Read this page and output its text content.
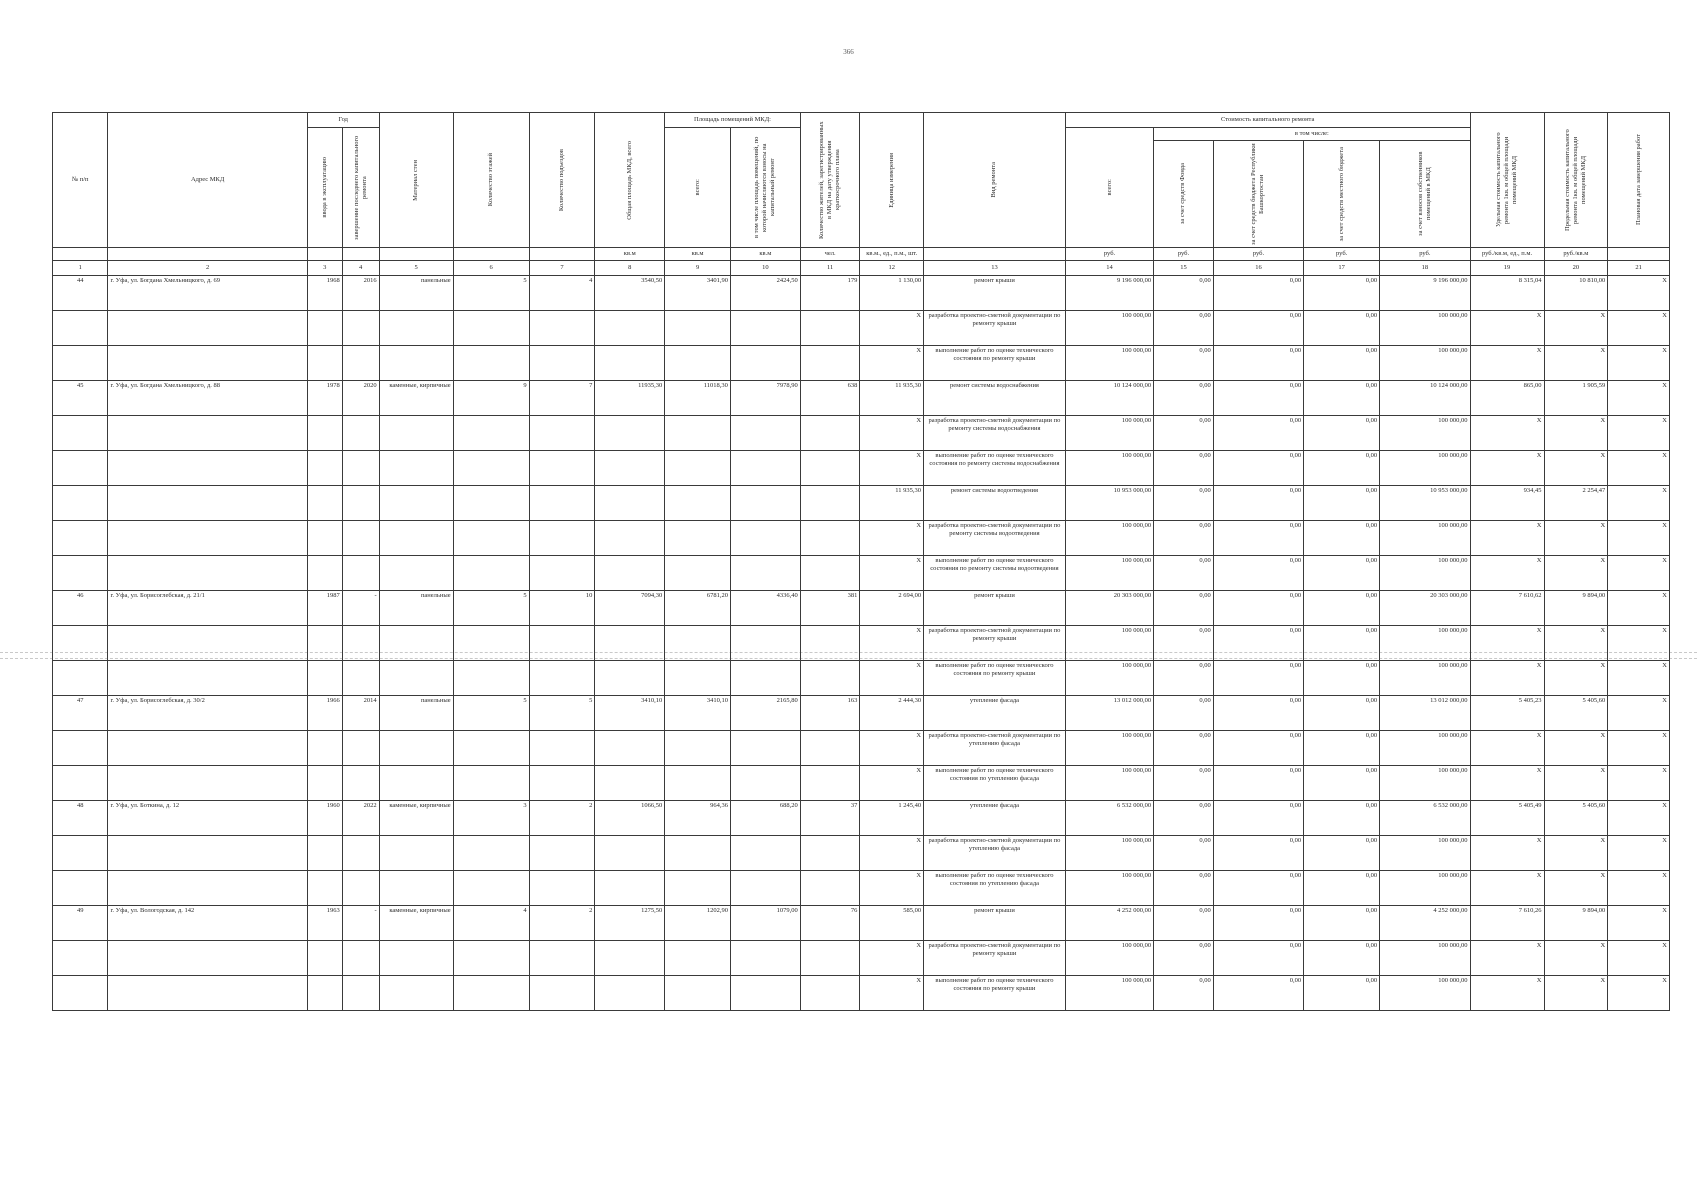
366
№ п/п	Адрес МКД	Год		Материал стен	Количество этажей	Количество подъездов	Общая площадь МКД, всего	Площадь помещений МКД:		Количество жителей, зарегистрированных в МКД на дату утверждения краткосрочного плана	Единица измерения	Вид ремонта	Стоимость капитального ремонта					Удельная стоимость капитального ремонта 1кв. м общей площади помещений МКД	Предельная стоимость капитального ремонта 1кв. м общей площади помещений МКД	Плановая дата завершения работ

		ввода в эксплуатацию	завершение последнего капитального ремонта					всего:	в том числе площадь помещений, по которой начисляются взносы на капитальный ремонт				всего:	в том числе:						

														за счет средств Фонда	за счет средств бюджета Республики Башкортостан	за счет средств местного бюджета	за счет взносов собственников помещений в МКД			

							кв.м	кв.м	кв.м	чел.	кв.м., ед., п.м., шт.		руб.	руб.	руб.	руб.	руб.	руб./кв.м, ед., п.м.	руб./кв.м	
1	2	3	4	5	6	7	8	9	10	11	12	13	14	15	16	17	18	19	20	21
44	г. Уфа, ул. Богдана Хмельницкого, д. 69	1968	2016	панельные	5	4	3540,50	3401,90	2424,50	179	1 130,00	ремонт крыши	9 196 000,00	0,00	0,00	0,00	9 196 000,00	8 315,04	10 810,00	X
											X	разработка проектно-сметной документации по ремонту крыши	100 000,00	0,00	0,00	0,00	100 000,00	X	X	X
											X	выполнение работ по оценке технического состояния по ремонту крыши	100 000,00	0,00	0,00	0,00	100 000,00	X	X	X
45	г. Уфа, ул. Богдана Хмельницкого, д. 88	1978	2020	каменные, кирпичные	9	7	11935,30	11018,30	7978,90	638	11 935,30	ремонт системы водоснабжения	10 124 000,00	0,00	0,00	0,00	10 124 000,00	865,00	1 905,59	X
											X	разработка проектно-сметной документации по ремонту системы водоснабжения	100 000,00	0,00	0,00	0,00	100 000,00	X	X	X
											X	выполнение работ по оценке технического состояния по ремонту системы водоснабжения	100 000,00	0,00	0,00	0,00	100 000,00	X	X	X
											11 935,30	ремонт системы водоотведения	10 953 000,00	0,00	0,00	0,00	10 953 000,00	934,45	2 254,47	X
											X	разработка проектно-сметной документации по ремонту системы водоотведения	100 000,00	0,00	0,00	0,00	100 000,00	X	X	X
											X	выполнение работ по оценке технического состояния по ремонту системы водоотведения	100 000,00	0,00	0,00	0,00	100 000,00	X	X	X
46	г. Уфа, ул. Борисоглебская, д. 21/1	1987	-	панельные	5	10	7094,30	6781,20	4336,40	381	2 694,00	ремонт крыши	20 303 000,00	0,00	0,00	0,00	20 303 000,00	7 610,62	9 894,00	X
											X	разработка проектно-сметной документации по ремонту крыши	100 000,00	0,00	0,00	0,00	100 000,00	X	X	X
											X	выполнение работ по оценке технического состояния по ремонту крыши	100 000,00	0,00	0,00	0,00	100 000,00	X	X	X
47	г. Уфа, ул. Борисоглебская, д. 30/2	1966	2014	панельные	5	5	3410,10	3410,10	2165,80	163	2 444,30	утепление фасада	13 012 000,00	0,00	0,00	0,00	13 012 000,00	5 405,23	5 405,60	X
											X	разработка проектно-сметной документации по утеплению фасада	100 000,00	0,00	0,00	0,00	100 000,00	X	X	X
											X	выполнение работ по оценке технического состояния по утеплению фасада	100 000,00	0,00	0,00	0,00	100 000,00	X	X	X
48	г. Уфа, ул. Боткина, д. 12	1960	2022	каменные, кирпичные	3	2	1066,50	964,36	688,20	37	1 245,40	утепление фасада	6 532 000,00	0,00	0,00	0,00	6 532 000,00	5 405,49	5 405,60	X
											X	разработка проектно-сметной документации по утеплению фасада	100 000,00	0,00	0,00	0,00	100 000,00	X	X	X
											X	выполнение работ по оценке технического состояния по утеплению фасада	100 000,00	0,00	0,00	0,00	100 000,00	X	X	X
49	г. Уфа, ул. Вологодская, д. 142	1963	-	каменные, кирпичные	4	2	1275,50	1202,90	1079,00	76	585,00	ремонт крыши	4 252 000,00	0,00	0,00	0,00	4 252 000,00	7 610,26	9 894,00	X
											X	разработка проектно-сметной документации по ремонту крыши	100 000,00	0,00	0,00	0,00	100 000,00	X	X	X
											X	выполнение работ по оценке технического состояния по ремонту крыши	100 000,00	0,00	0,00	0,00	100 000,00	X	X	X
